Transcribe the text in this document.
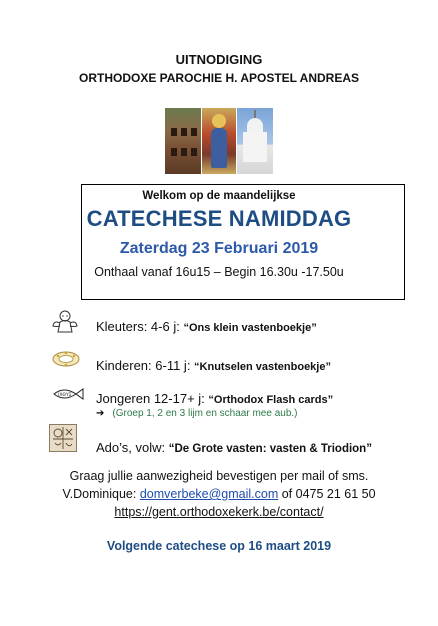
UITNODIGING
ORTHODOXE PAROCHIE H. APOSTEL ANDREAS
Welkom op de maandelijkse
CATECHESE NAMIDDAG
Zaterdag 23 Februari 2019
Onthaal vanaf 16u15 – Begin 16.30u -17.50u
ΙΧΘΥΣ
Kleuters: 4-6 j: “Ons klein vastenboekje”
Kinderen: 6-11 j: “Knutselen vastenboekje”
Jongeren 12-17+ j: “Orthodox Flash cards”
➔ (Groep 1, 2 en 3 lijm en schaar mee aub.)
Ado’s, volw: “De Grote vasten: vasten & Triodion”
Graag jullie aanwezigheid bevestigen per mail of sms.
V.Dominique: domverbeke@gmail.com of 0475 21 61 50
https://gent.orthodoxekerk.be/contact/
Volgende catechese op 16 maart 2019
